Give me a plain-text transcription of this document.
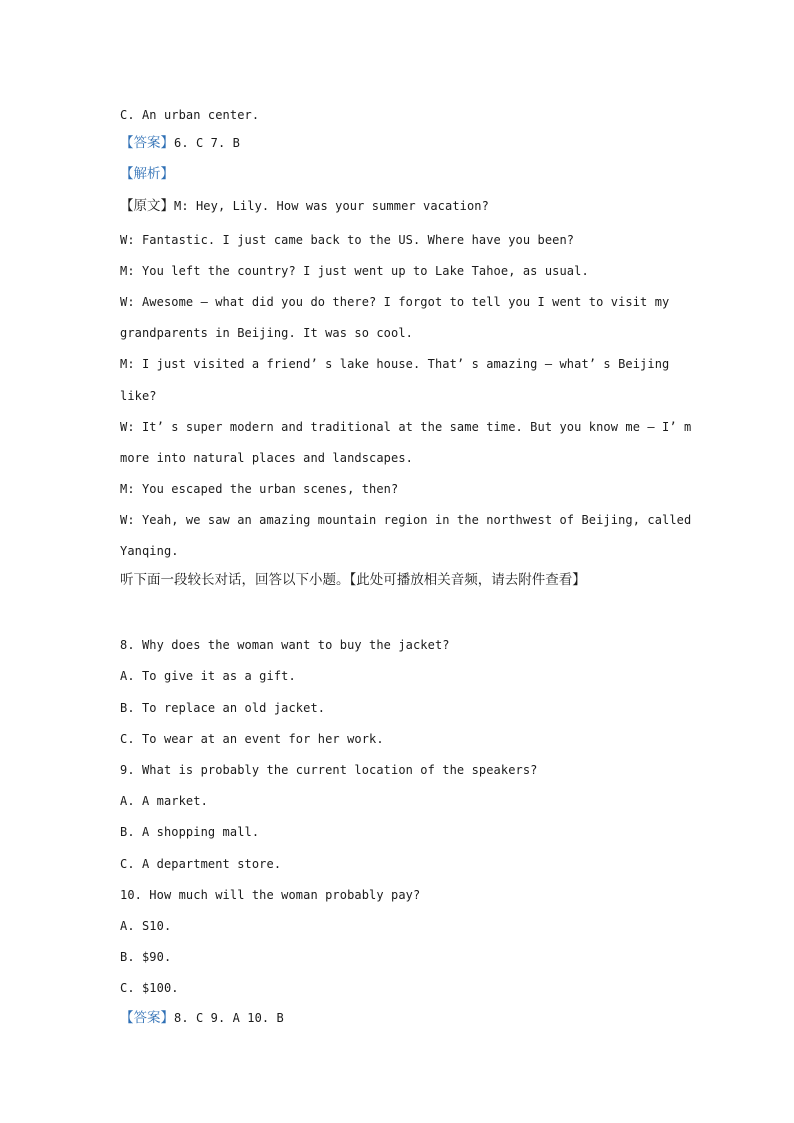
C. An urban center.
【答案】6. C 7. B
【解析】
【原文】M: Hey, Lily. How was your summer vacation?
W: Fantastic. I just came back to the US. Where have you been?
M: You left the country? I just went up to Lake Tahoe, as usual.
W: Awesome — what did you do there? I forgot to tell you I went to visit my
grandparents in Beijing. It was so cool.
M: I just visited a friend’ s lake house. That’ s amazing — what’ s Beijing
like?
W: It’ s super modern and traditional at the same time. But you know me — I’ m
more into natural places and landscapes.
M: You escaped the urban scenes, then?
W: Yeah, we saw an amazing mountain region in the northwest of Beijing, called
Yanqing.
听下面一段较长对话，回答以下小题。【此处可播放相关音频，请去附件查看】
8. Why does the woman want to buy the jacket?
A. To give it as a gift.
B. To replace an old jacket.
C. To wear at an event for her work.
9. What is probably the current location of the speakers?
A. A market.
B. A shopping mall.
C. A department store.
10. How much will the woman probably pay?
A. S10.
B. $90.
C. $100.
【答案】8. C 9. A 10. B
